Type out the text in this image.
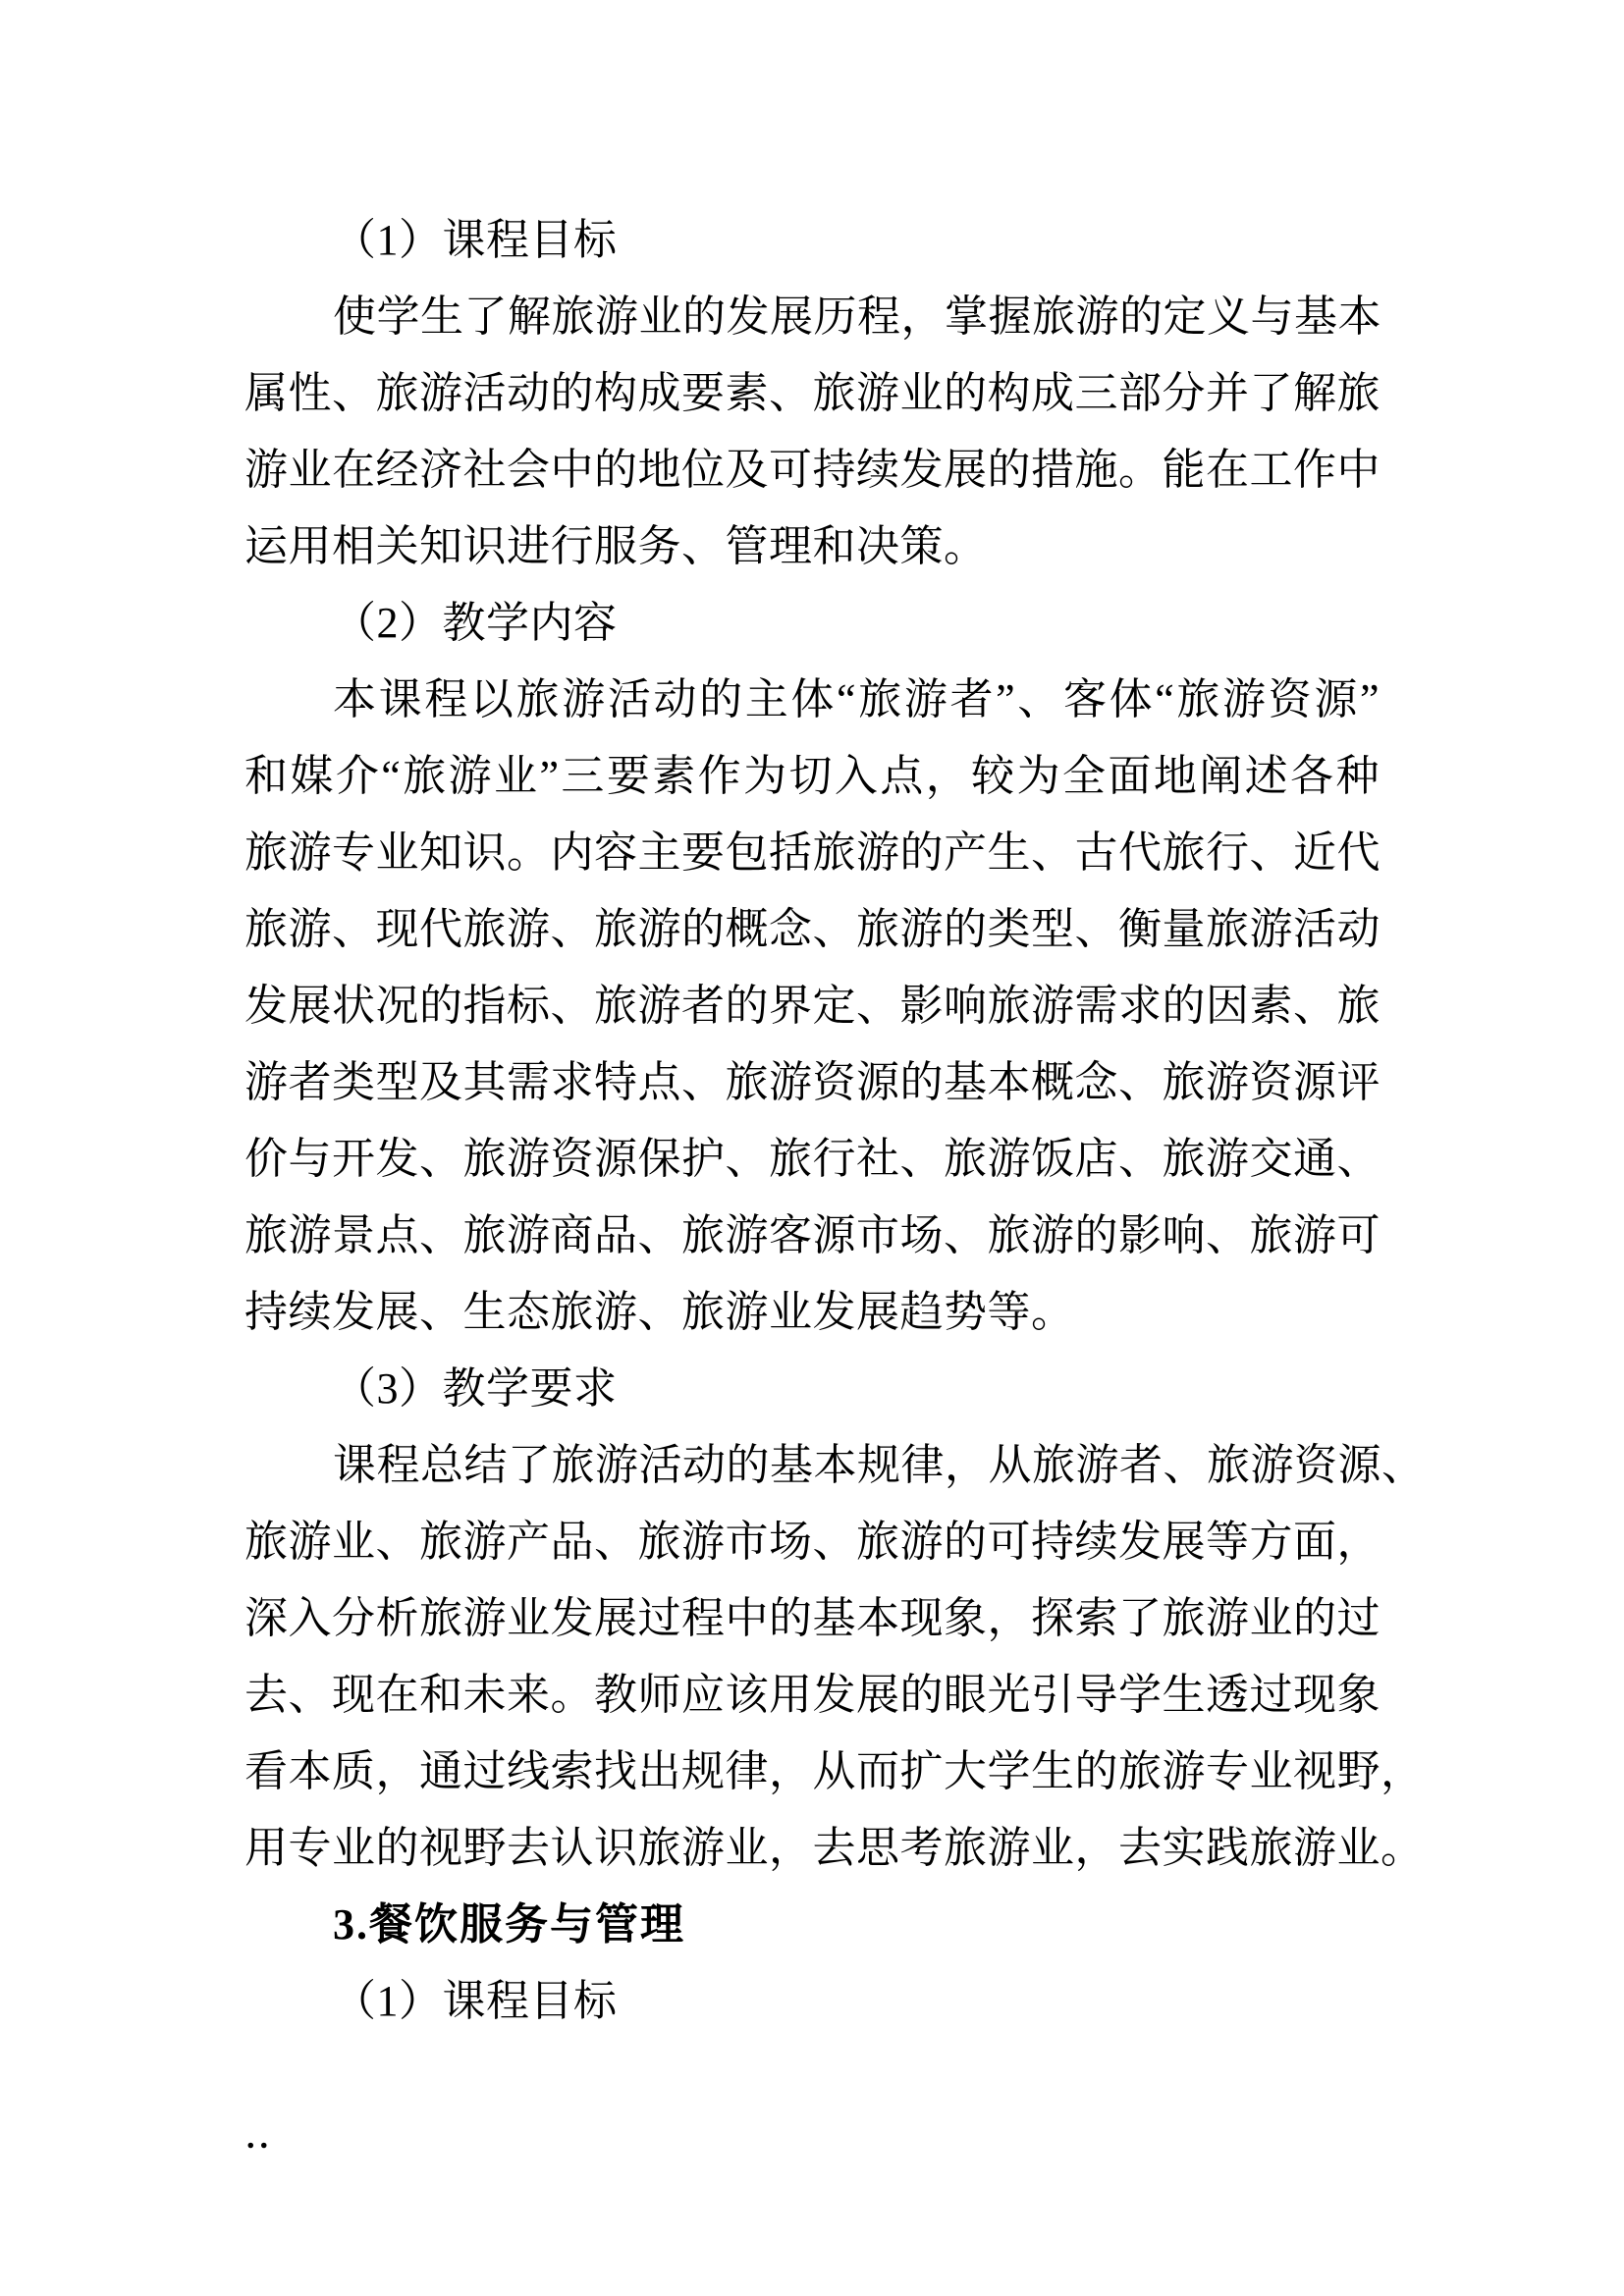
（1）课程目标
使学生了解旅游业的发展历程，掌握旅游的定义与基本
属性、旅游活动的构成要素、旅游业的构成三部分并了解旅
游业在经济社会中的地位及可持续发展的措施。能在工作中
运用相关知识进行服务、管理和决策。
（2）教学内容
本课程以旅游活动的主体“旅游者”、客体“旅游资源”
和媒介“旅游业”三要素作为切入点，较为全面地阐述各种
旅游专业知识。内容主要包括旅游的产生、古代旅行、近代
旅游、现代旅游、旅游的概念、旅游的类型、衡量旅游活动
发展状况的指标、旅游者的界定、影响旅游需求的因素、旅
游者类型及其需求特点、旅游资源的基本概念、旅游资源评
价与开发、旅游资源保护、旅行社、旅游饭店、旅游交通、
旅游景点、旅游商品、旅游客源市场、旅游的影响、旅游可
持续发展、生态旅游、旅游业发展趋势等。
（3）教学要求
课程总结了旅游活动的基本规律，从旅游者、旅游资源、
旅游业、旅游产品、旅游市场、旅游的可持续发展等方面，
深入分析旅游业发展过程中的基本现象，探索了旅游业的过
去、现在和未来。教师应该用发展的眼光引导学生透过现象
看本质，通过线索找出规律，从而扩大学生的旅游专业视野，
用专业的视野去认识旅游业，去思考旅游业，去实践旅游业。
3.餐饮服务与管理
（1）课程目标
..
